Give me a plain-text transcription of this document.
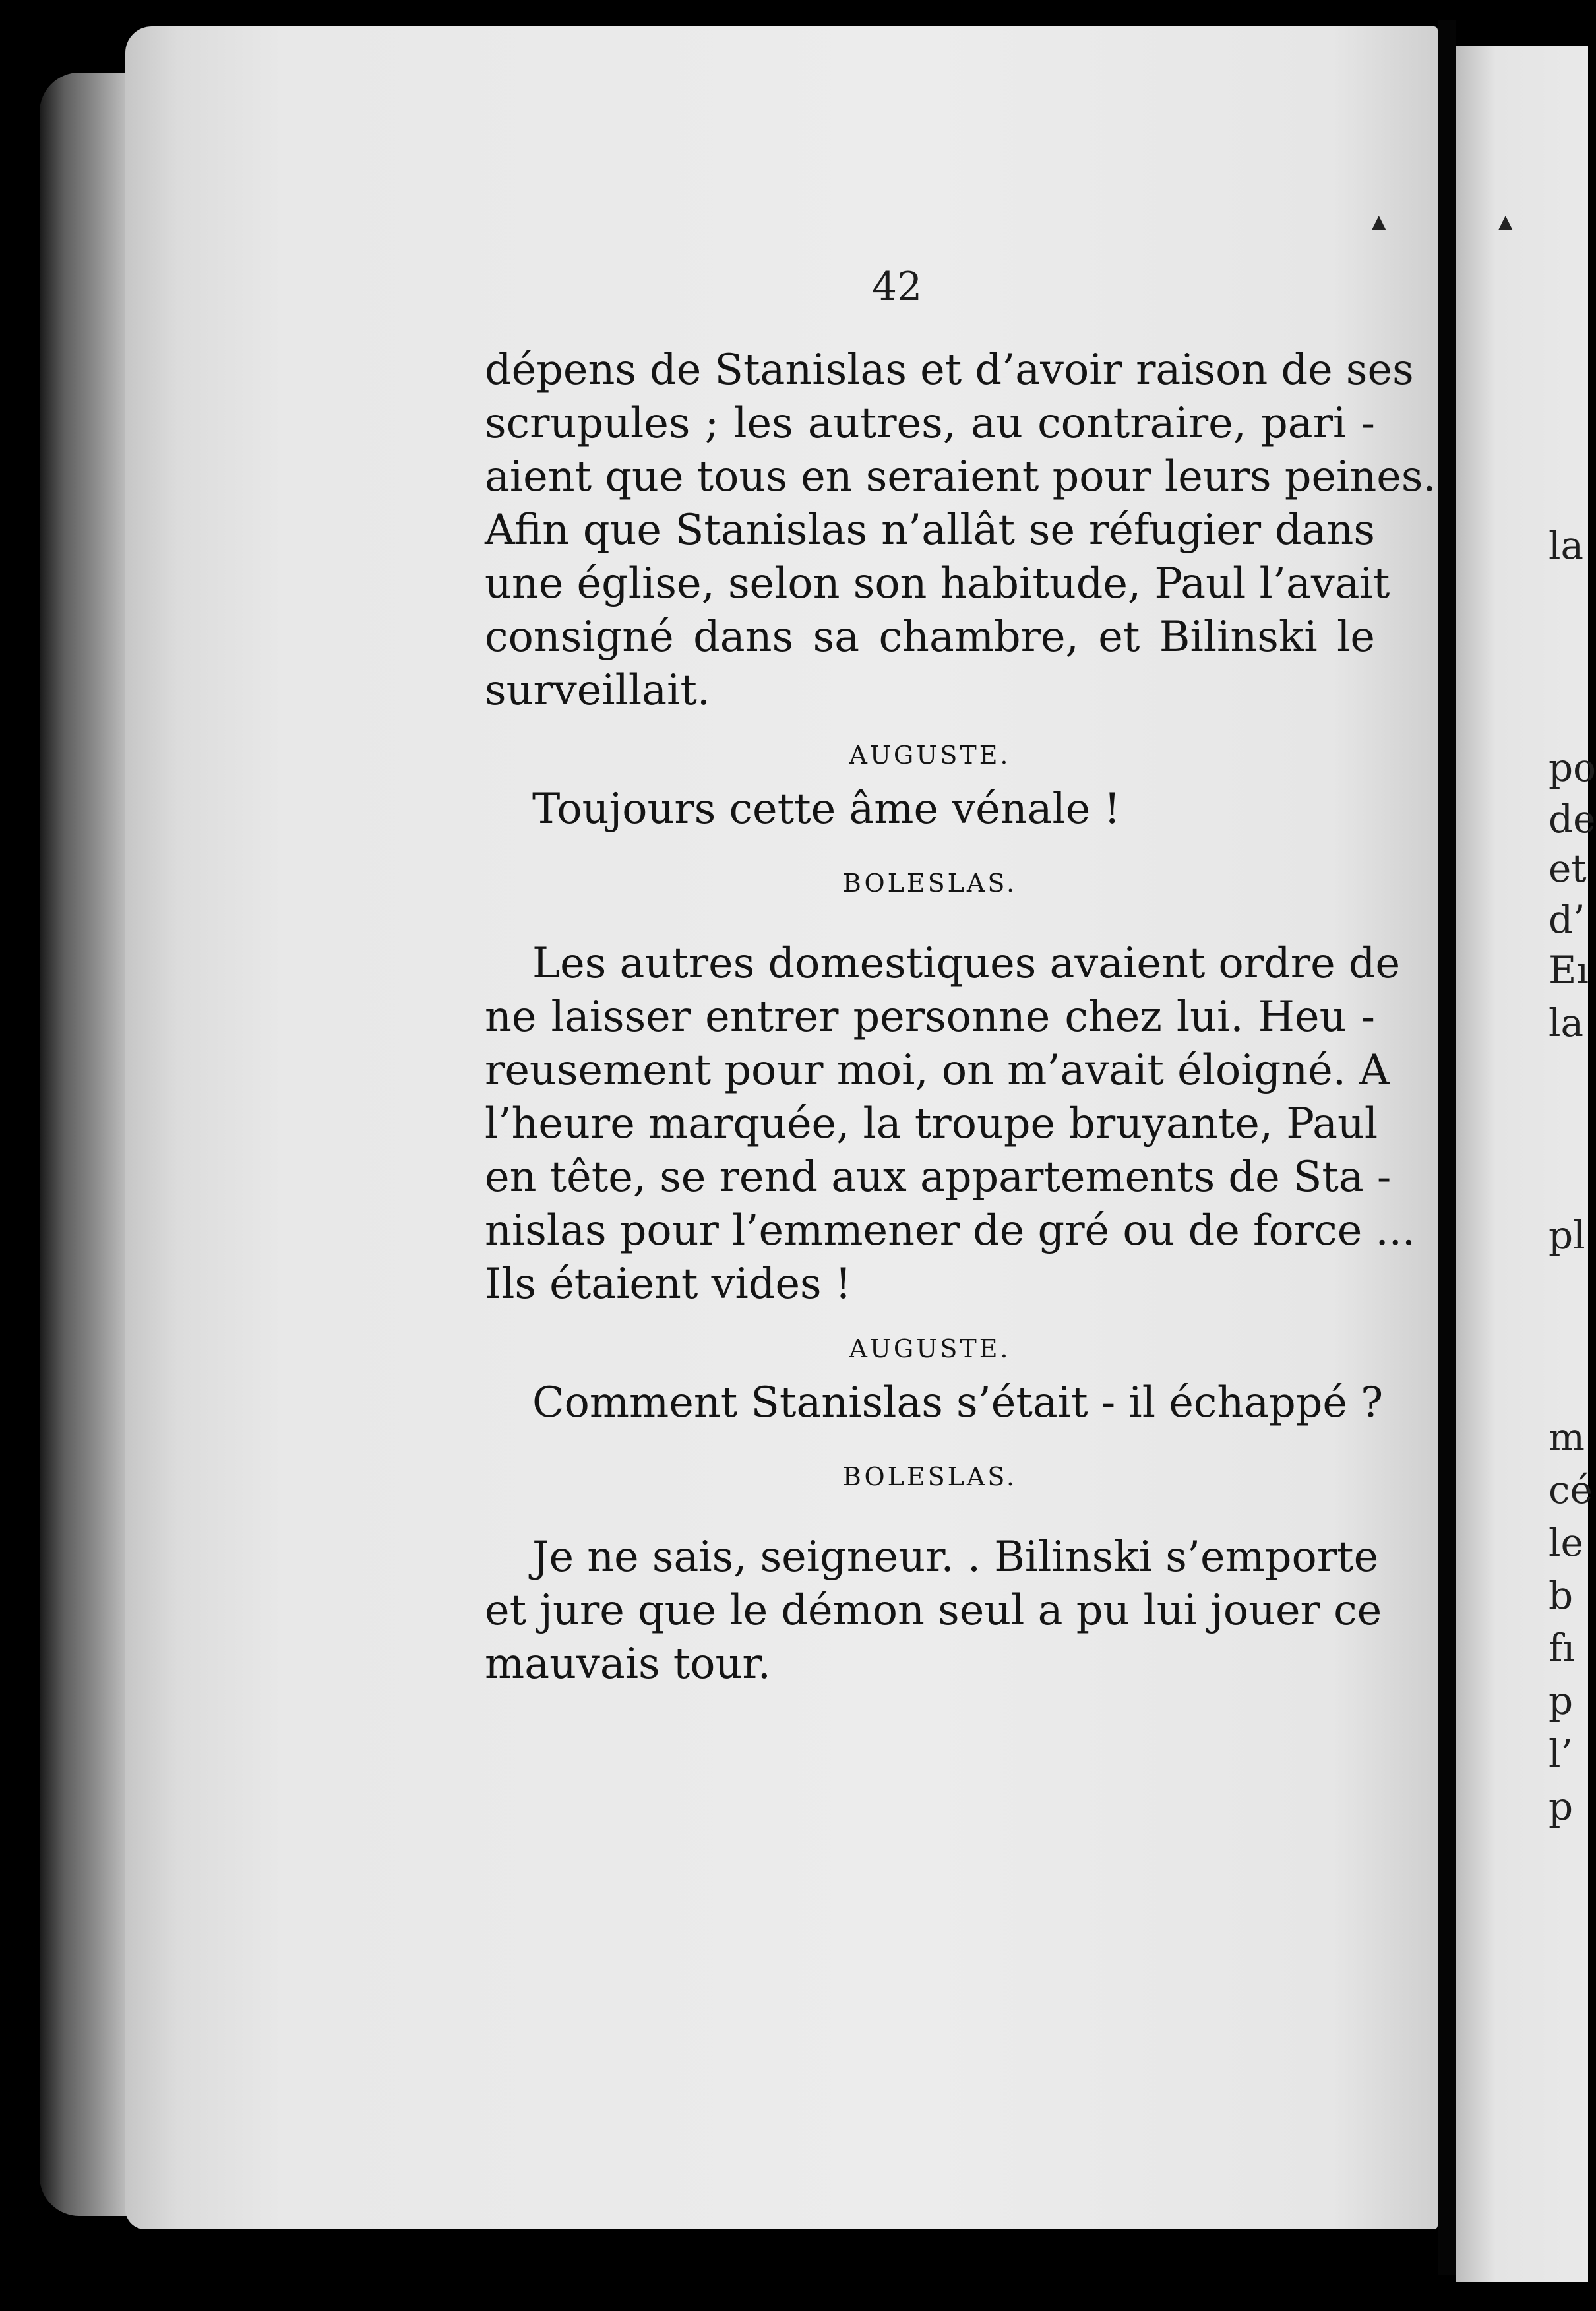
la
po
de
et
d’
Eı
la
pl
m
cé
le
b
fı
p
l’
p
▲	▲
42
dépens de Stanislas et d’avoir raison de ses
scrupules ; les autres, au contraire, pari -
aient que tous en seraient pour leurs peines.
Afin que Stanislas n’allât se réfugier dans
une église, selon son habitude, Paul l’avait
consigné dans sa chambre, et Bilinski le
surveillait.
AUGUSTE.
Toujours cette âme vénale !
BOLESLAS.
Les autres domestiques avaient ordre de
ne laisser entrer personne chez lui. Heu -
reusement pour moi, on m’avait éloigné. A
l’heure marquée, la troupe bruyante, Paul
en tête, se rend aux appartements de Sta -
nislas pour l’emmener de gré ou de force ...
Ils étaient vides !
AUGUSTE.
Comment Stanislas s’était - il échappé ?
BOLESLAS.
Je ne sais, seigneur. . Bilinski s’emporte
et jure que le démon seul a pu lui jouer ce
mauvais tour.
